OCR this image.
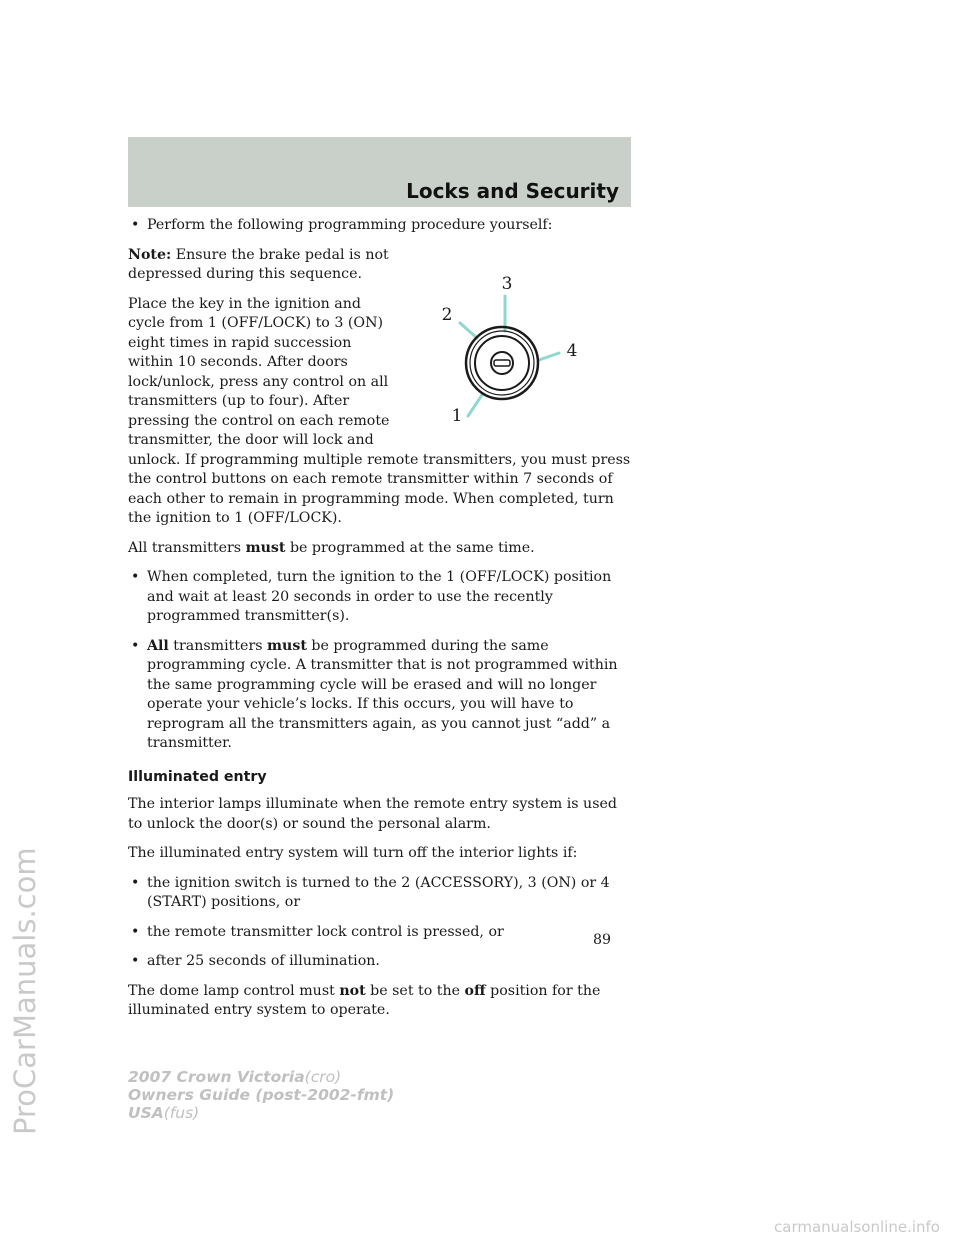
Locks and Security
ProCarManuals.com
• Perform the following programming procedure yourself:
3
2
4
1

Note: Ensure the brake pedal is not depressed during this sequence.

Place the key in the ignition and cycle from 1 (OFF/LOCK) to 3 (ON) eight times in rapid succession within 10 seconds. After doors lock/unlock, press any control on all transmitters (up to four). After pressing the control on each remote transmitter, the door will lock and unlock. If programming multiple remote transmitters, you must press the control buttons on each remote transmitter within 7 seconds of each other to remain in programming mode. When completed, turn the ignition to 1 (OFF/LOCK).

All transmitters must be programmed at the same time.

• When completed, turn the ignition to the 1 (OFF/LOCK) position and wait at least 20 seconds in order to use the recently programmed transmitter(s).
• All transmitters must be programmed during the same programming cycle. A transmitter that is not programmed within the same programming cycle will be erased and will no longer operate your vehicle’s locks. If this occurs, you will have to reprogram all the transmitters again, as you cannot just “add” a transmitter.
Illuminated entry

The interior lamps illuminate when the remote entry system is used to unlock the door(s) or sound the personal alarm.

The illuminated entry system will turn off the interior lights if:

• the ignition switch is turned to the 2 (ACCESSORY), 3 (ON) or 4 (START) positions, or
• the remote transmitter lock control is pressed, or
• after 25 seconds of illumination.

The dome lamp control must not be set to the off position for the illuminated entry system to operate.

89
2007 Crown Victoria(cro)
Owners Guide (post-2002-fmt)
USA(fus)
carmanualsonline.info
